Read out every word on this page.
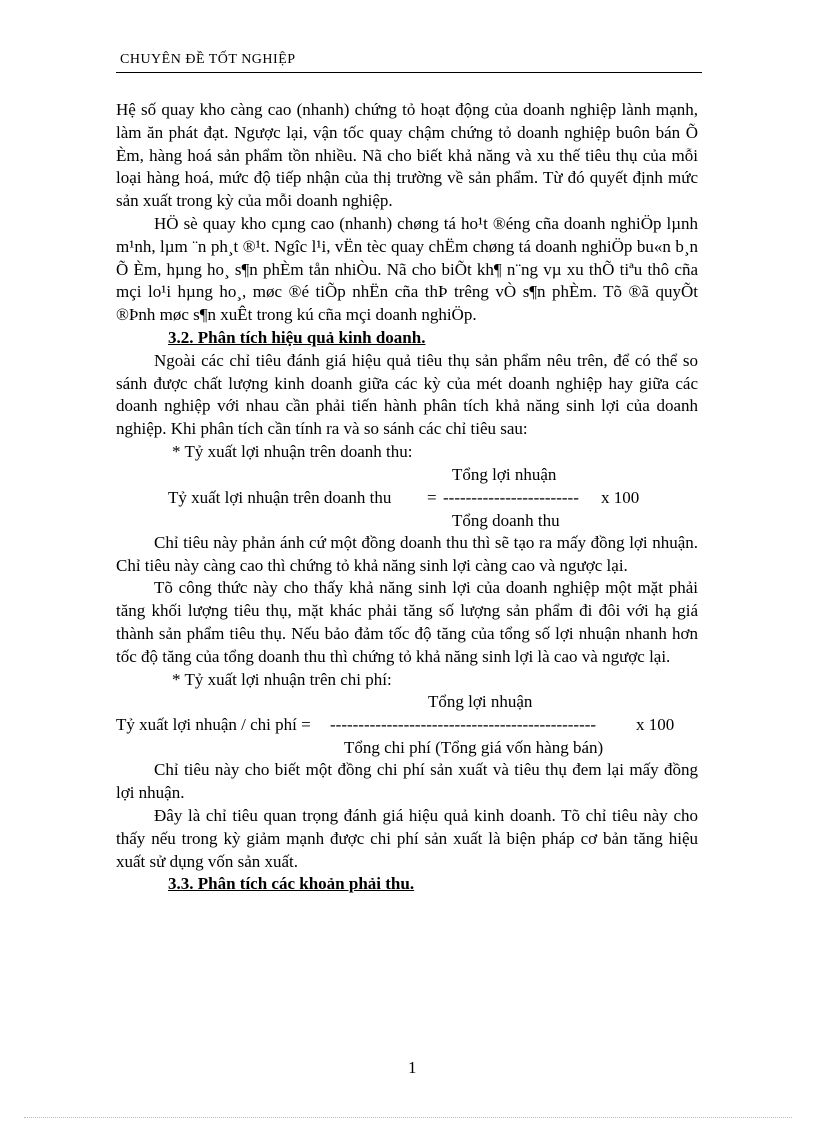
CHUYÊN ĐỀ TỐT NGHIỆP

Hệ số quay kho càng cao (nhanh) chứng tỏ hoạt động của doanh nghiệp lành mạnh, làm ăn phát đạt. Ngược lại, vận tốc quay chậm chứng tỏ doanh nghiệp buôn bán Õ Èm, hàng hoá sản phẩm tồn nhiều. Nã cho biết khả năng và xu thế tiêu thụ của mỗi loại hàng hoá, mức độ tiếp nhận của thị trường về sản phẩm. Từ đó quyết định mức sản xuất trong kỳ của mỗi doanh nghiệp.

HÖ sè quay kho cµng cao (nhanh) chøng tá ho¹t ®éng cña doanh nghiÖp lµnh m¹nh, lµm ¨n ph¸t ®¹t. Ngîc l¹i, vËn tèc quay chËm chøng tá doanh nghiÖp bu«n b¸n Õ Èm, hµng ho¸ s¶n phÈm tån nhiÒu. Nã cho biÕt kh¶ n¨ng vµ xu thÕ tiªu thô cña mçi lo¹i hµng ho¸, møc ®é tiÕp nhËn cña thÞ trêng vÒ s¶n phÈm. Tõ ®ã quyÕt ®Þnh møc s¶n xuÊt trong kú cña mçi doanh nghiÖp.

3.2. Phân tích hiệu quả kinh doanh.

Ngoài các chỉ tiêu đánh giá hiệu quả tiêu thụ sản phẩm nêu trên, để có thể so sánh được chất lượng kinh doanh giữa các kỳ của mét doanh nghiệp hay giữa các doanh nghiệp với nhau cần phải tiến hành phân tích khả năng sinh lợi của doanh nghiệp. Khi phân tích cần tính ra và so sánh các chỉ tiêu sau:

* Tỷ xuất lợi nhuận trên doanh thu:

Tổng lợi nhuận
Tỷ xuất lợi nhuận trên doanh thu = ------------------------ x 100
Tổng doanh thu

Chỉ tiêu này phản ánh cứ một đồng doanh thu thì sẽ tạo ra mấy đồng lợi nhuận. Chỉ tiêu này càng cao thì chứng tỏ khả năng sinh lợi càng cao và ngược lại.

Tõ công thức này cho thấy khả năng sinh lợi của doanh nghiệp một mặt phải tăng khối lượng tiêu thụ, mặt khác phải tăng số lượng sản phẩm đi đôi với hạ giá thành sản phẩm tiêu thụ. Nếu bảo đảm tốc độ tăng của tổng số lợi nhuận nhanh hơn tốc độ tăng của tổng doanh thu thì chứng tỏ khả năng sinh lợi là cao và ngược lại.

* Tỷ xuất lợi nhuận trên chi phí:

Tổng lợi nhuận
Tỷ xuất lợi nhuận / chi phí = ----------------------------------------------- x 100
Tổng chi phí (Tổng giá vốn hàng bán)

Chỉ tiêu này cho biết một đồng chi phí sản xuất và tiêu thụ đem lại mấy đồng lợi nhuận.

Đây là chỉ tiêu quan trọng đánh giá hiệu quả kinh doanh. Tõ chỉ tiêu này cho thấy nếu trong kỳ giảm mạnh được chi phí sản xuất là biện pháp cơ bản tăng hiệu xuất sử dụng vốn sản xuất.

3.3. Phân tích các khoản phải thu.

1
